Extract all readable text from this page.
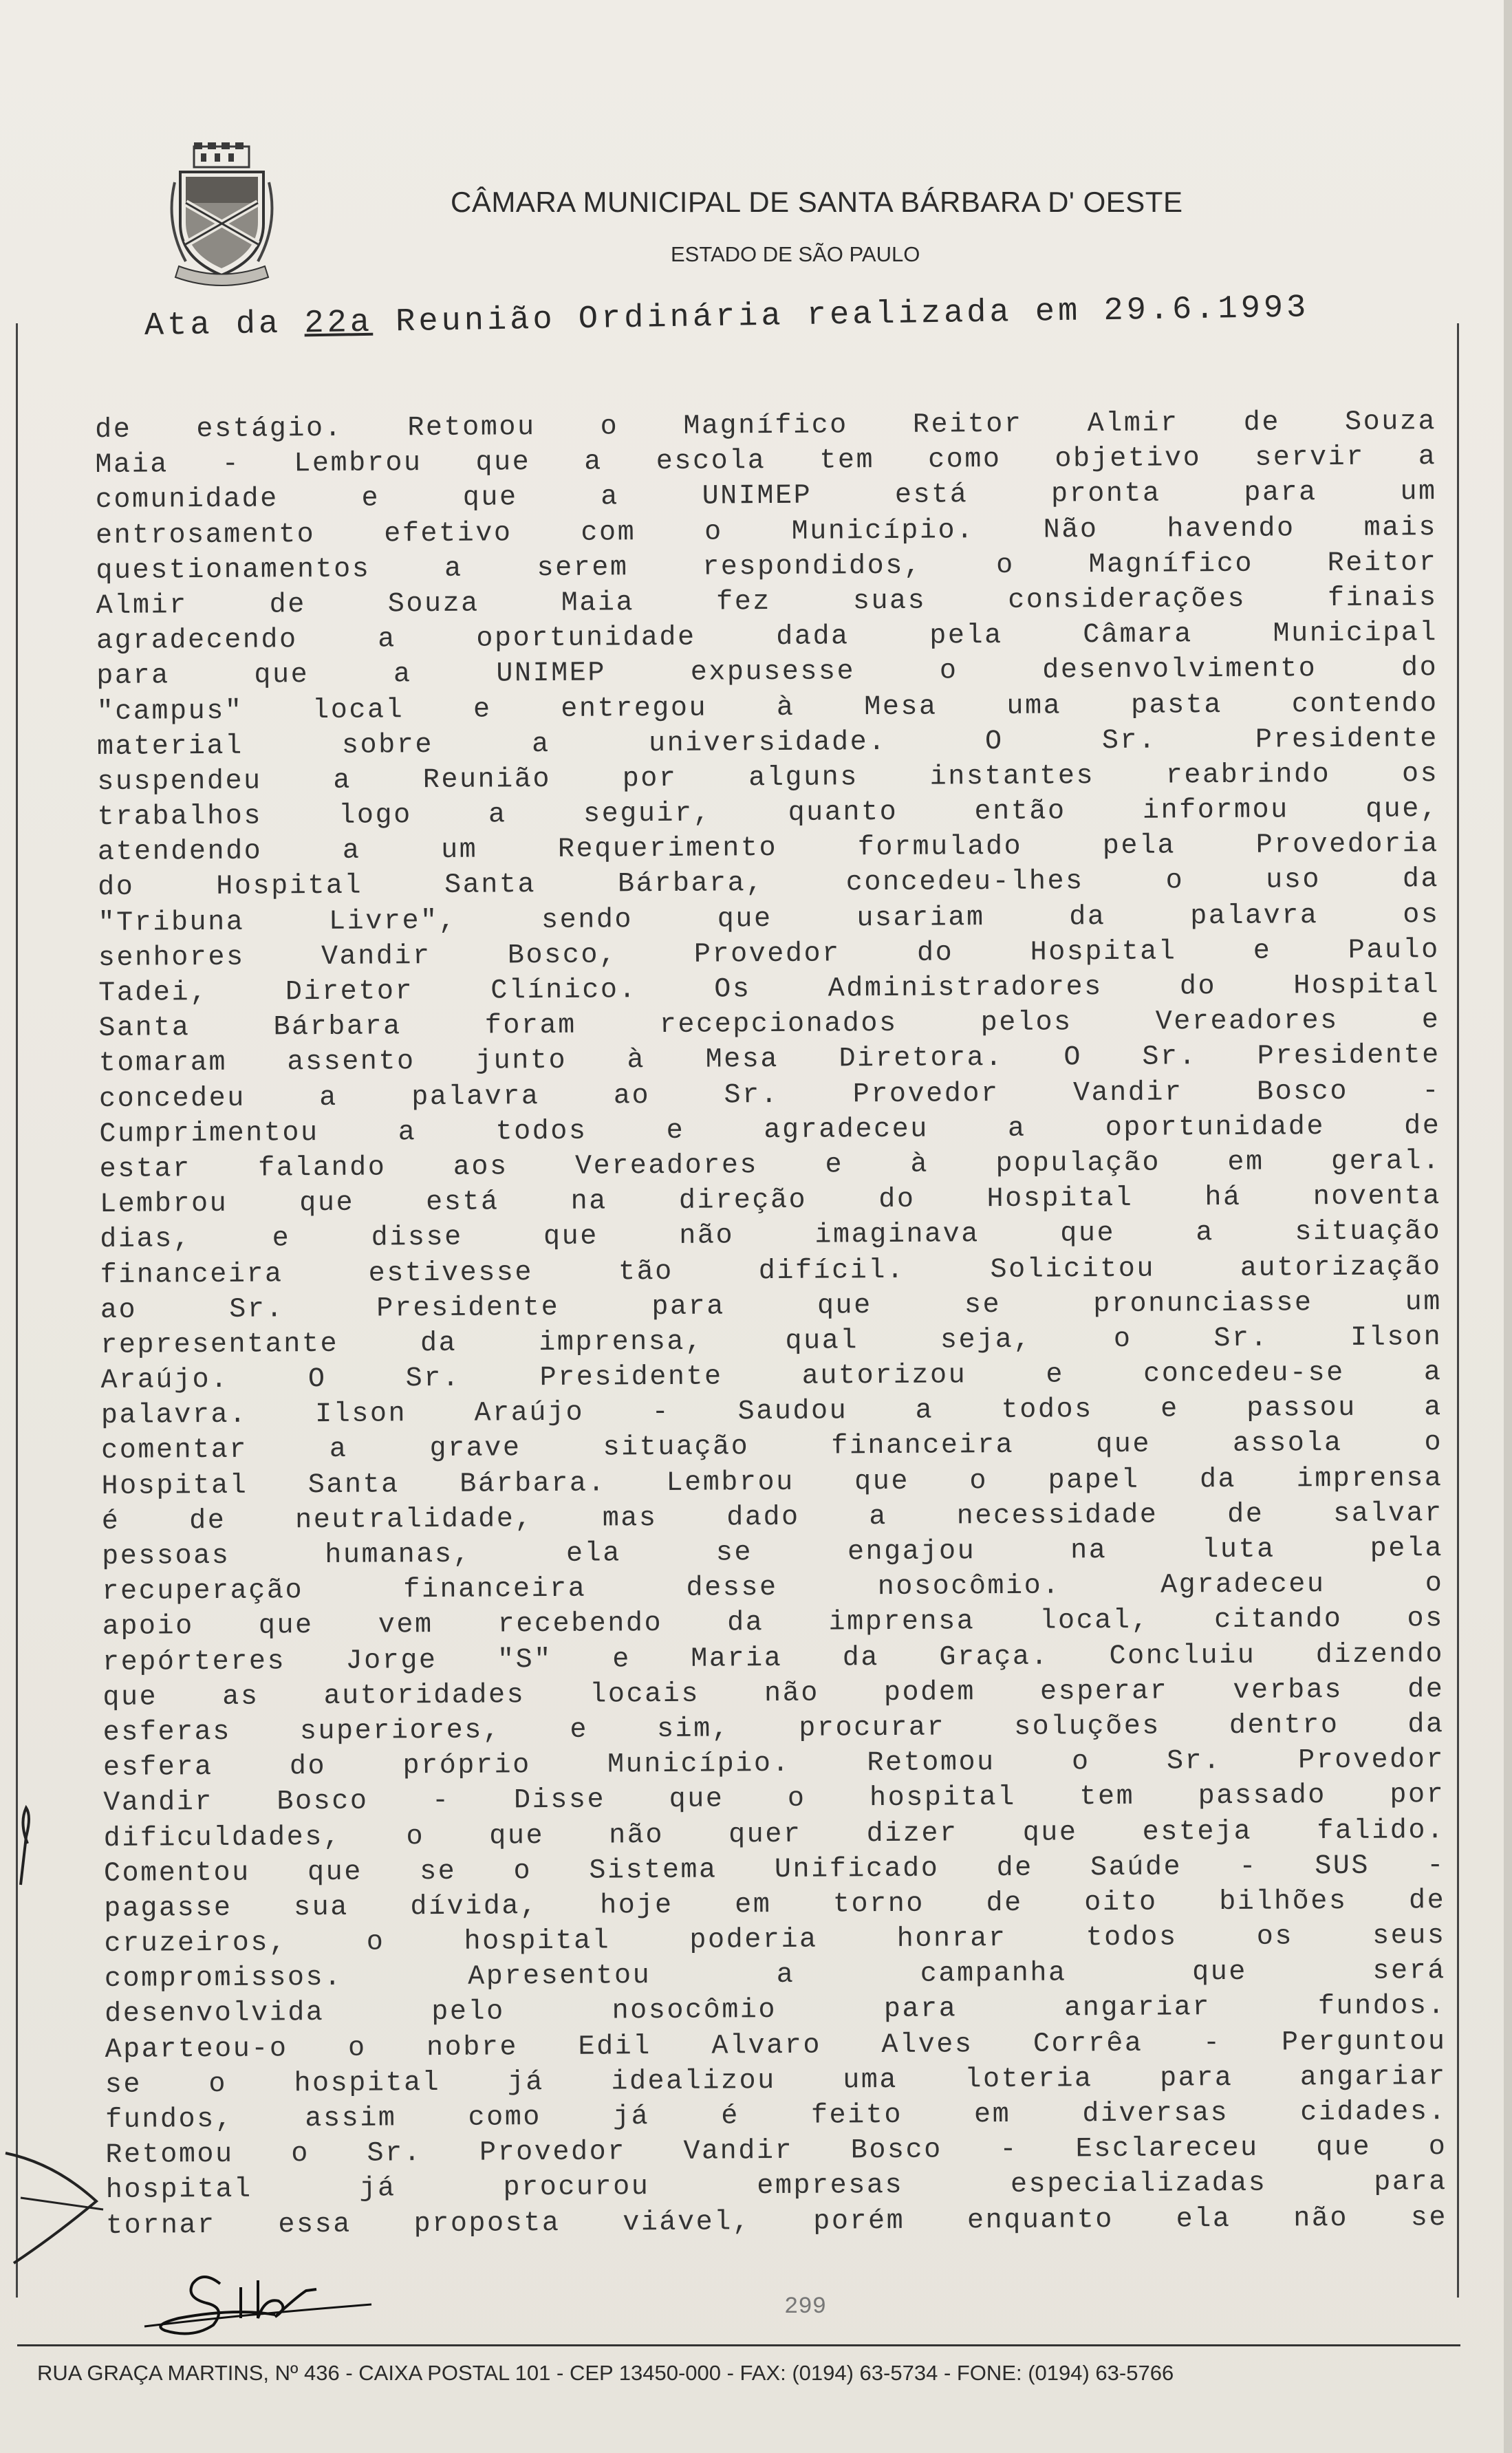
CÂMARA MUNICIPAL DE SANTA BÁRBARA D' OESTE
ESTADO DE SÃO PAULO
Ata da 22a Reunião Ordinária realizada em 29.6.1993
de estágio. Retomou o Magnífico Reitor Almir de Souza
Maia - Lembrou que a escola tem como objetivo servir a
comunidade e que a UNIMEP está pronta para um
entrosamento efetivo com o Município. Não havendo mais
questionamentos a serem respondidos, o Magnífico Reitor
Almir de Souza Maia fez suas considerações finais
agradecendo a oportunidade dada pela Câmara Municipal
para que a UNIMEP expusesse o desenvolvimento do
"campus" local e entregou à Mesa uma pasta contendo
material sobre a universidade. O Sr. Presidente
suspendeu a Reunião por alguns instantes reabrindo os
trabalhos logo a seguir, quanto então informou que,
atendendo a um Requerimento formulado pela Provedoria
do Hospital Santa Bárbara, concedeu-lhes o uso da
"Tribuna Livre", sendo que usariam da palavra os
senhores Vandir Bosco, Provedor do Hospital e Paulo
Tadei, Diretor Clínico. Os Administradores do Hospital
Santa Bárbara foram recepcionados pelos Vereadores e
tomaram assento junto à Mesa Diretora. O Sr. Presidente
concedeu a palavra ao Sr. Provedor Vandir Bosco -
Cumprimentou a todos e agradeceu a oportunidade de
estar falando aos Vereadores e à população em geral.
Lembrou que está na direção do Hospital há noventa
dias, e disse que não imaginava que a situação
financeira estivesse tão difícil. Solicitou autorização
ao Sr. Presidente para que se pronunciasse um
representante da imprensa, qual seja, o Sr. Ilson
Araújo. O Sr. Presidente autorizou e concedeu-se a
palavra. Ilson Araújo - Saudou a todos e passou a
comentar a grave situação financeira que assola o
Hospital Santa Bárbara. Lembrou que o papel da imprensa
é de neutralidade, mas dado a necessidade de salvar
pessoas humanas, ela se engajou na luta pela
recuperação financeira desse nosocômio. Agradeceu o
apoio que vem recebendo da imprensa local, citando os
repórteres Jorge "S" e Maria da Graça. Concluiu dizendo
que as autoridades locais não podem esperar verbas de
esferas superiores, e sim, procurar soluções dentro da
esfera do próprio Município. Retomou o Sr. Provedor
Vandir Bosco - Disse que o hospital tem passado por
dificuldades, o que não quer dizer que esteja falido.
Comentou que se o Sistema Unificado de Saúde - SUS -
pagasse sua dívida, hoje em torno de oito bilhões de
cruzeiros, o hospital poderia honrar todos os seus
compromissos. Apresentou a campanha que será
desenvolvida pelo nosocômio para angariar fundos.
Aparteou-o o nobre Edil Alvaro Alves Corrêa - Perguntou
se o hospital já idealizou uma loteria para angariar
fundos, assim como já é feito em diversas cidades.
Retomou o Sr. Provedor Vandir Bosco - Esclareceu que o
hospital já procurou empresas especializadas para
tornar essa proposta viável, porém enquanto ela não se
299
RUA GRAÇA MARTINS, Nº 436 - CAIXA POSTAL 101 - CEP 13450-000 - FAX: (0194) 63-5734 - FONE: (0194) 63-5766
